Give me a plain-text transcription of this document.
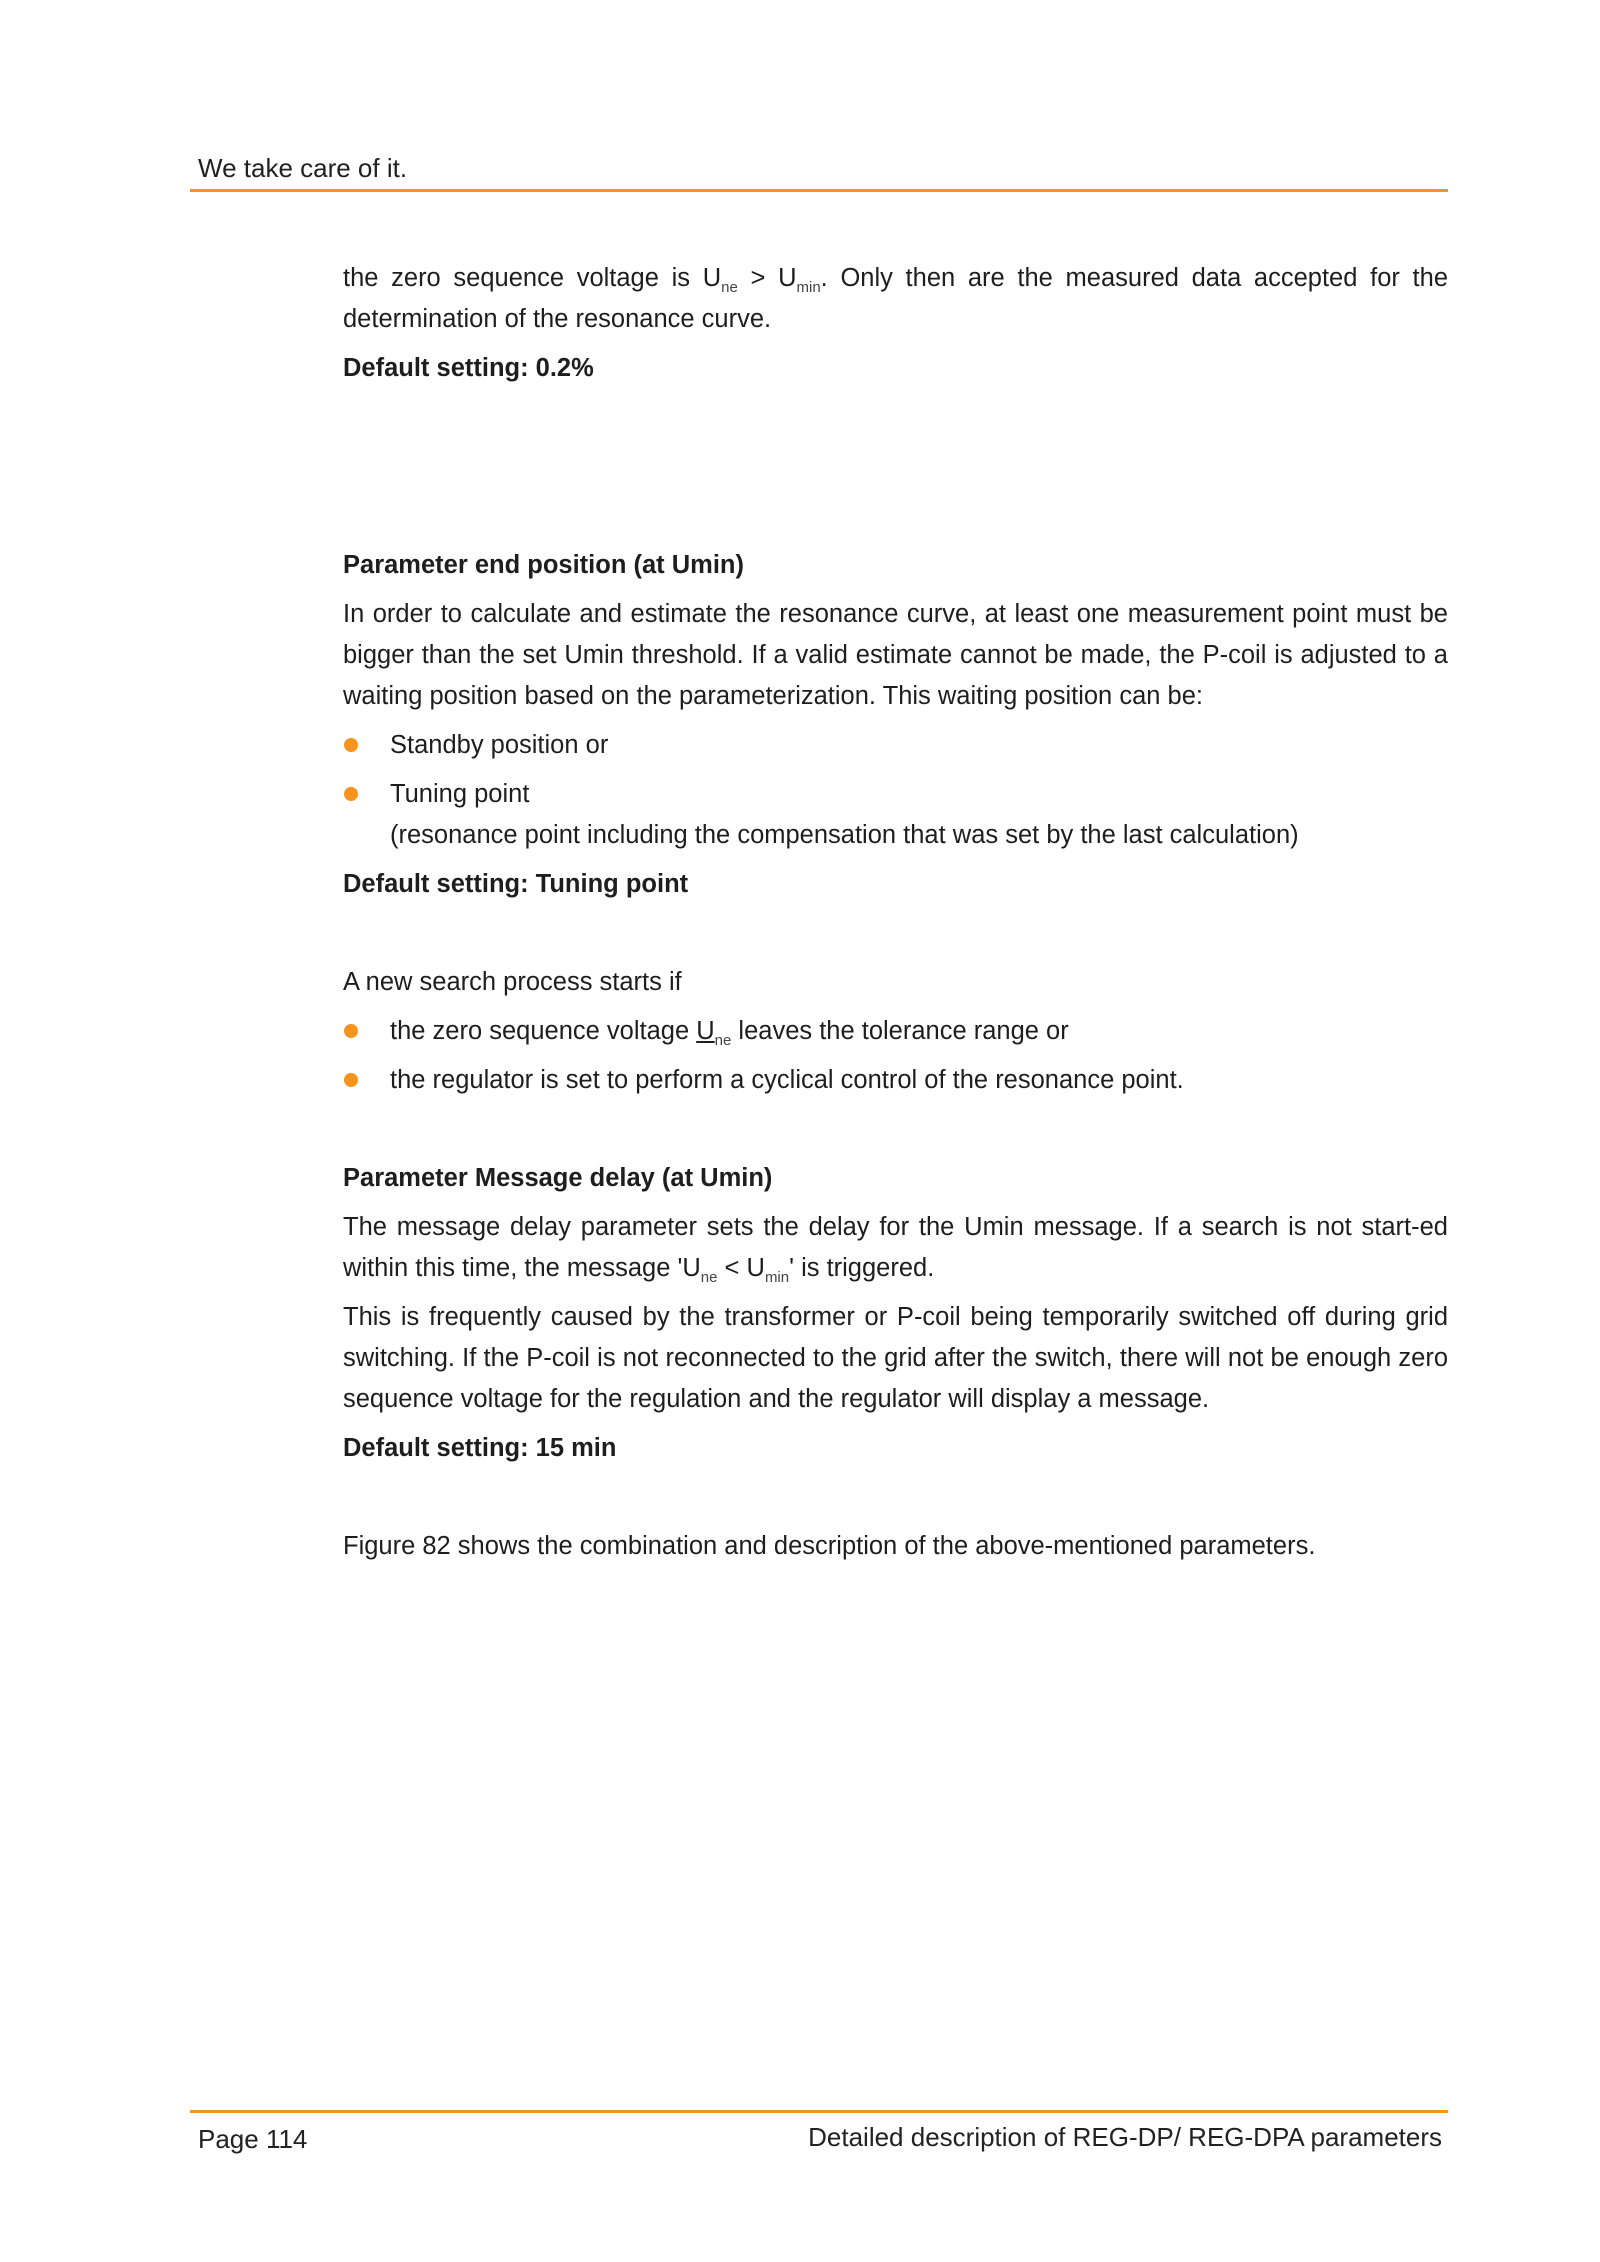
We take care of it.

the zero sequence voltage is $U_{ne} > U_{min}$. Only then are the measured data accepted for the determination of the resonance curve.

Default setting: 0.2%

Parameter end position (at Umin)

In order to calculate and estimate the resonance curve, at least one measurement point must be bigger than the set Umin threshold. If a valid estimate cannot be made, the P-coil is adjusted to a waiting position based on the parameterization. This waiting position can be:

Standby position or
Tuning point
(resonance point including the compensation that was set by the last calculation)

Default setting: Tuning point

A new search process starts if

the zero sequence voltage $U_{ne}$ leaves the tolerance range or
the regulator is set to perform a cyclical control of the resonance point.

Parameter Message delay (at Umin)

The message delay parameter sets the delay for the Umin message. If a search is not start-ed within this time, the message '$U_{ne} < U_{min}$' is triggered.

This is frequently caused by the transformer or P-coil being temporarily switched off during grid switching. If the P-coil is not reconnected to the grid after the switch, there will not be enough zero sequence voltage for the regulation and the regulator will display a message.

Default setting: 15 min

Figure 82 shows the combination and description of the above-mentioned parameters.

Page 114	Detailed description of REG-DP/ REG-DPA parameters
